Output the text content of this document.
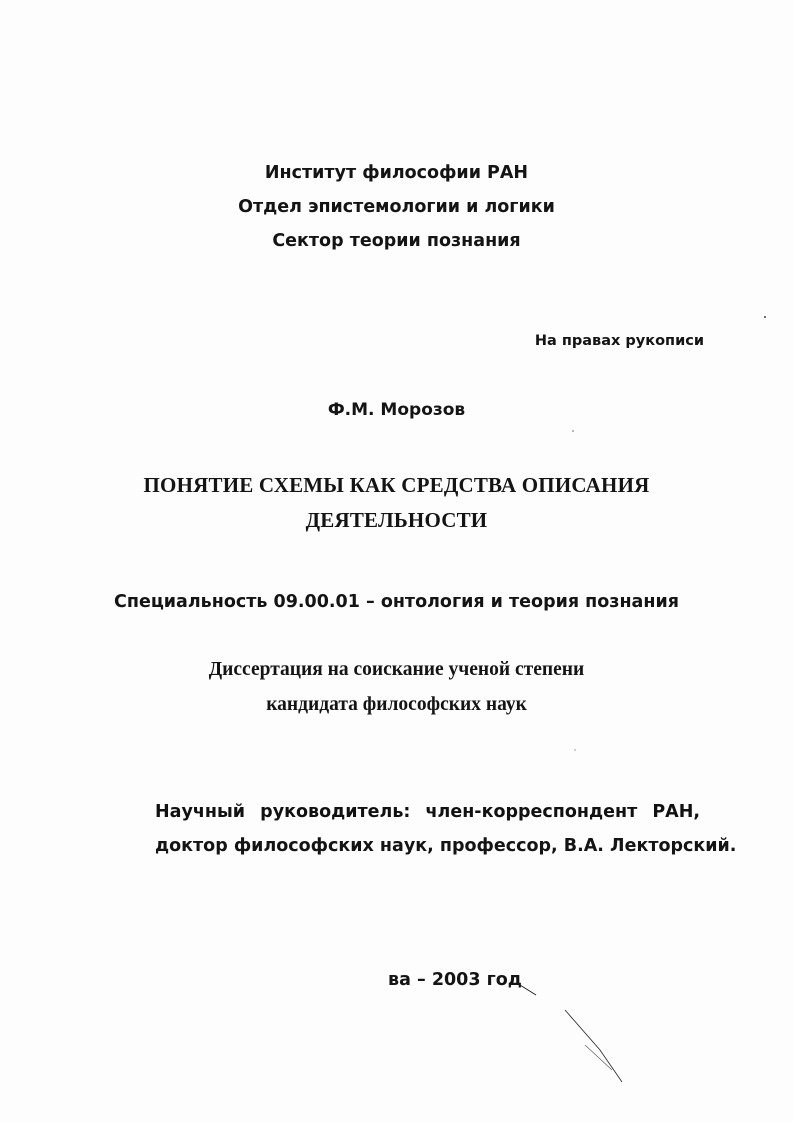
Институт философии РАН
Отдел эпистемологии и логики
Сектор теории познания
На правах рукописи
Ф.М. Морозов
ПОНЯТИЕ СХЕМЫ КАК СРЕДСТВА ОПИСАНИЯ
ДЕЯТЕЛЬНОСТИ
Специальность 09.00.01 – онтология и теория познания
Диссертация на соискание ученой степени
кандидата философских наук
Научный руководитель: член-корреспондент РАН,
доктор философских наук, профессор, В.А. Лекторский.
ва – 2003 год
